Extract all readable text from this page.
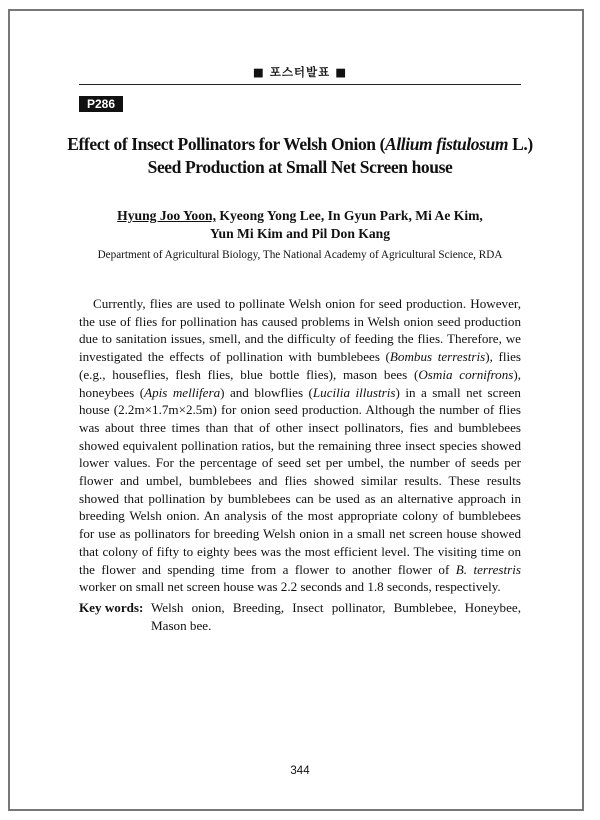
■ 포스터발표 ■
P286
Effect of Insect Pollinators for Welsh Onion (Allium fistulosum L.)
Seed Production at Small Net Screen house
Hyung Joo Yoon, Kyeong Yong Lee, In Gyun Park, Mi Ae Kim,
Yun Mi Kim and Pil Don Kang
Department of Agricultural Biology, The National Academy of Agricultural Science, RDA
Currently, flies are used to pollinate Welsh onion for seed production. However,
the use of flies for pollination has caused problems in Welsh onion seed production
due to sanitation issues, smell, and the difficulty of feeding the flies. Therefore, we
investigated the effects of pollination with bumblebees (Bombus terrestris), flies
(e.g., houseflies, flesh flies, blue bottle flies), mason bees (Osmia cornifrons),
honeybees (Apis mellifera) and blowflies (Lucilia illustris) in a small net screen
house (2.2m×1.7m×2.5m) for onion seed production. Although the number of flies
was about three times than that of other insect pollinators, fies and bumblebees
showed equivalent pollination ratios, but the remaining three insect species showed
lower values. For the percentage of seed set per umbel, the number of seeds per
flower and umbel, bumblebees and flies showed similar results. These results
showed that pollination by bumblebees can be used as an alternative approach in
breeding Welsh onion. An analysis of the most appropriate colony of bumblebees
for use as pollinators for breeding Welsh onion in a small net screen house showed
that colony of fifty to eighty bees was the most efficient level. The visiting time on
the flower and spending time from a flower to another flower of B. terrestris
worker on small net screen house was 2.2 seconds and 1.8 seconds, respectively.
Key words: Welsh onion, Breeding, Insect pollinator, Bumblebee, Honeybee,
Mason bee.
344
